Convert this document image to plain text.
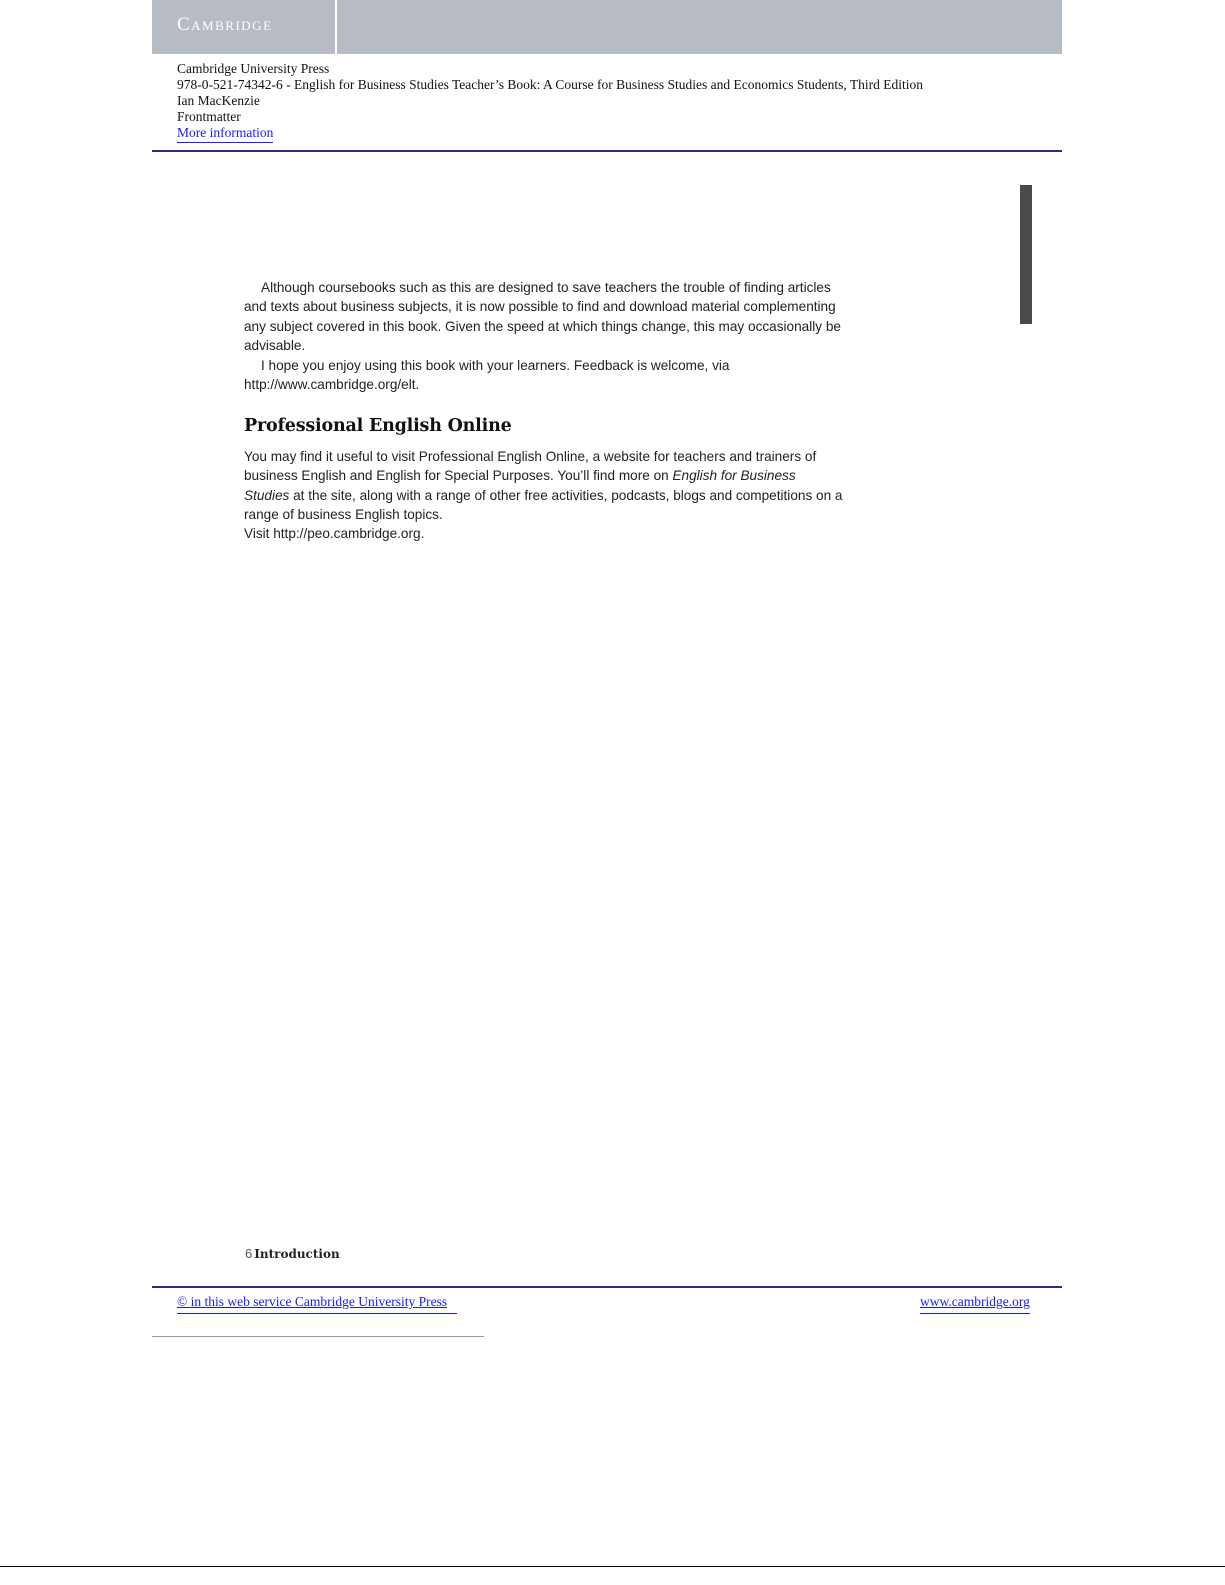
Cambridge
Cambridge University Press
978-0-521-74342-6 - English for Business Studies Teacher’s Book: A Course for Business Studies and Economics Students, Third Edition
Ian MacKenzie
Frontmatter
More information

Although coursebooks such as this are designed to save teachers the trouble of finding articles and texts about business subjects, it is now possible to find and download material complementing any subject covered in this book. Given the speed at which things change, this may occasionally be advisable.

I hope you enjoy using this book with your learners. Feedback is welcome, via http://www.cambridge.org/elt.

Professional English Online

You may find it useful to visit Professional English Online, a website for teachers and trainers of business English and English for Special Purposes. You’ll find more on English for Business Studies at the site, along with a range of other free activities, podcasts, blogs and competitions on a range of business English topics.

Visit http://peo.cambridge.org.

6 Introduction
© in this web service Cambridge University Press	www.cambridge.org
